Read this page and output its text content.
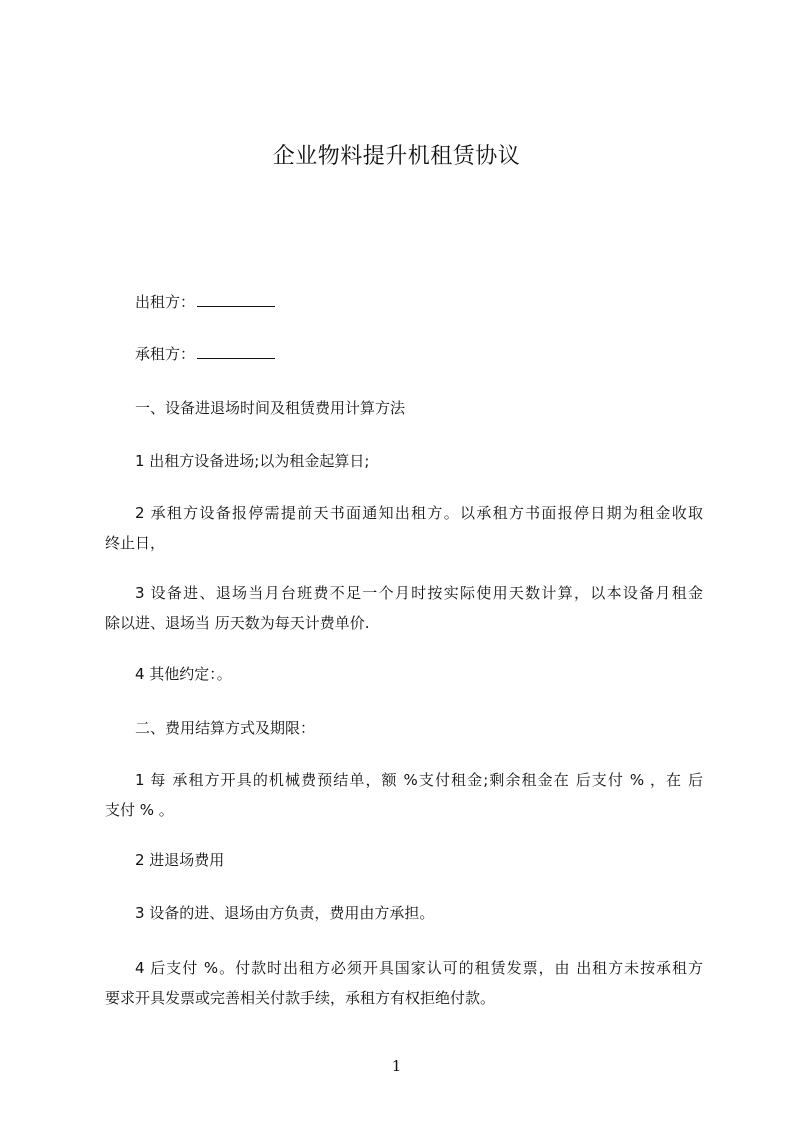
企业物料提升机租赁协议

出租方：

承租方：

一、设备进退场时间及租赁费用计算方法

1 出租方设备进场;以为租金起算日;

2 承租方设备报停需提前天书面通知出租方。以承租方书面报停日期为租金收取
终止日，
3 设备进、退场当月台班费不足一个月时按实际使用天数计算，以本设备月租金
除以进、退场当 历天数为每天计费单价.

4 其他约定：。

二、费用结算方式及期限：

1 每 承租方开具的机械费预结单，额 %支付租金;剩余租金在 后支付 % ，在 后
支付 % 。

2 进退场费用

3 设备的进、退场由方负责，费用由方承担。

4 后支付 %。付款时出租方必须开具国家认可的租赁发票，由 出租方未按承租方
要求开具发票或完善相关付款手续，承租方有权拒绝付款。

1
